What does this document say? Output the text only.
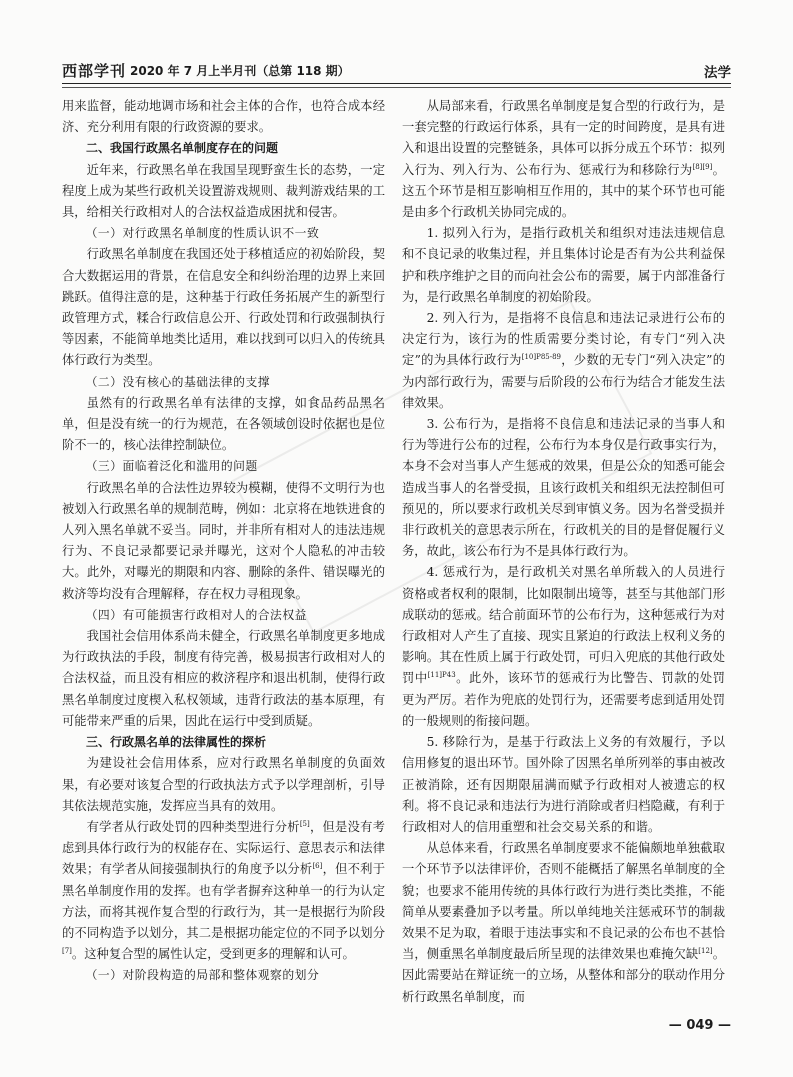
西部学刊 2020 年 7 月上半月刊（总第 118 期）	法学

用来监督，能动地调市场和社会主体的合作，也符合成本经济、充分利用有限的行政资源的要求。

二、我国行政黑名单制度存在的问题

近年来，行政黑名单在我国呈现野蛮生长的态势，一定程度上成为某些行政机关设置游戏规则、裁判游戏结果的工具，给相关行政相对人的合法权益造成困扰和侵害。

（一）对行政黑名单制度的性质认识不一致

行政黑名单制度在我国还处于移植适应的初始阶段，契合大数据运用的背景，在信息安全和纠纷治理的边界上来回跳跃。值得注意的是，这种基于行政任务拓展产生的新型行政管理方式，糅合行政信息公开、行政处罚和行政强制执行等因素，不能简单地类比适用，难以找到可以归入的传统具体行政行为类型。

（二）没有核心的基础法律的支撑

虽然有的行政黑名单有法律的支撑，如食品药品黑名单，但是没有统一的行为规范，在各领域创设时依据也是位阶不一的，核心法律控制缺位。

（三）面临着泛化和滥用的问题

行政黑名单的合法性边界较为模糊，使得不文明行为也被划入行政黑名单的规制范畴，例如：北京将在地铁进食的人列入黑名单就不妥当。同时，并非所有相对人的违法违规行为、不良记录都要记录并曝光，这对个人隐私的冲击较大。此外，对曝光的期限和内容、删除的条件、错误曝光的救济等均没有合理解释，存在权力寻租现象。

（四）有可能损害行政相对人的合法权益

我国社会信用体系尚未健全，行政黑名单制度更多地成为行政执法的手段，制度有待完善，极易损害行政相对人的合法权益，而且没有相应的救济程序和退出机制，使得行政黑名单制度过度楔入私权领域，违背行政法的基本原理，有可能带来严重的后果，因此在运行中受到质疑。

三、行政黑名单的法律属性的探析

为建设社会信用体系，应对行政黑名单制度的负面效果，有必要对该复合型的行政执法方式予以学理剖析，引导其依法规范实施，发挥应当具有的效用。

有学者从行政处罚的四种类型进行分析[5]，但是没有考虑到具体行政行为的权能存在、实际运行、意思表示和法律效果；有学者从间接强制执行的角度予以分析[6]，但不利于黑名单制度作用的发挥。也有学者摒弃这种单一的行为认定方法，而将其视作复合型的行政行为，其一是根据行为阶段的不同构造予以划分，其二是根据功能定位的不同予以划分[7]。这种复合型的属性认定，受到更多的理解和认可。

（一）对阶段构造的局部和整体观察的划分

从局部来看，行政黑名单制度是复合型的行政行为，是一套完整的行政运行体系，具有一定的时间跨度，是具有进入和退出设置的完整链条，具体可以拆分成五个环节：拟列入行为、列入行为、公布行为、惩戒行为和移除行为[8][9]。这五个环节是相互影响相互作用的，其中的某个环节也可能是由多个行政机关协同完成的。

1. 拟列入行为，是指行政机关和组织对违法违规信息和不良记录的收集过程，并且集体讨论是否有为公共利益保护和秩序维护之目的而向社会公布的需要，属于内部准备行为，是行政黑名单制度的初始阶段。

2. 列入行为，是指将不良信息和违法记录进行公布的决定行为，该行为的性质需要分类讨论，有专门“列入决定”的为具体行政行为$^{[10]P85-89}$，少数的无专门“列入决定”的为内部行政行为，需要与后阶段的公布行为结合才能发生法律效果。

3. 公布行为，是指将不良信息和违法记录的当事人和行为等进行公布的过程，公布行为本身仅是行政事实行为，本身不会对当事人产生惩戒的效果，但是公众的知悉可能会造成当事人的名誉受损，且该行政机关和组织无法控制但可预见的，所以要求行政机关尽到审慎义务。因为名誉受损并非行政机关的意思表示所在，行政机关的目的是督促履行义务，故此，该公布行为不是具体行政行为。

4. 惩戒行为，是行政机关对黑名单所载入的人员进行资格或者权利的限制，比如限制出境等，甚至与其他部门形成联动的惩戒。结合前面环节的公布行为，这种惩戒行为对行政相对人产生了直接、现实且紧迫的行政法上权利义务的影响。其在性质上属于行政处罚，可归入兜底的其他行政处罚中$^{[11]P43}$。此外，该环节的惩戒行为比警告、罚款的处罚更为严厉。若作为兜底的处罚行为，还需要考虑到适用处罚的一般规则的衔接问题。

5. 移除行为，是基于行政法上义务的有效履行，予以信用修复的退出环节。国外除了因黑名单所列举的事由被改正被消除，还有因期限届满而赋予行政相对人被遗忘的权利。将不良记录和违法行为进行消除或者归档隐藏，有利于行政相对人的信用重塑和社会交易关系的和谐。

从总体来看，行政黑名单制度要求不能偏颇地单独截取一个环节予以法律评价，否则不能概括了解黑名单制度的全貌；也要求不能用传统的具体行政行为进行类比类推，不能简单从要素叠加予以考量。所以单纯地关注惩戒环节的制裁效果不足为取，着眼于违法事实和不良记录的公布也不甚恰当，侧重黑名单制度最后所呈现的法律效果也难掩欠缺[12]。因此需要站在辩证统一的立场，从整体和部分的联动作用分析行政黑名单制度，而

— 049 —
